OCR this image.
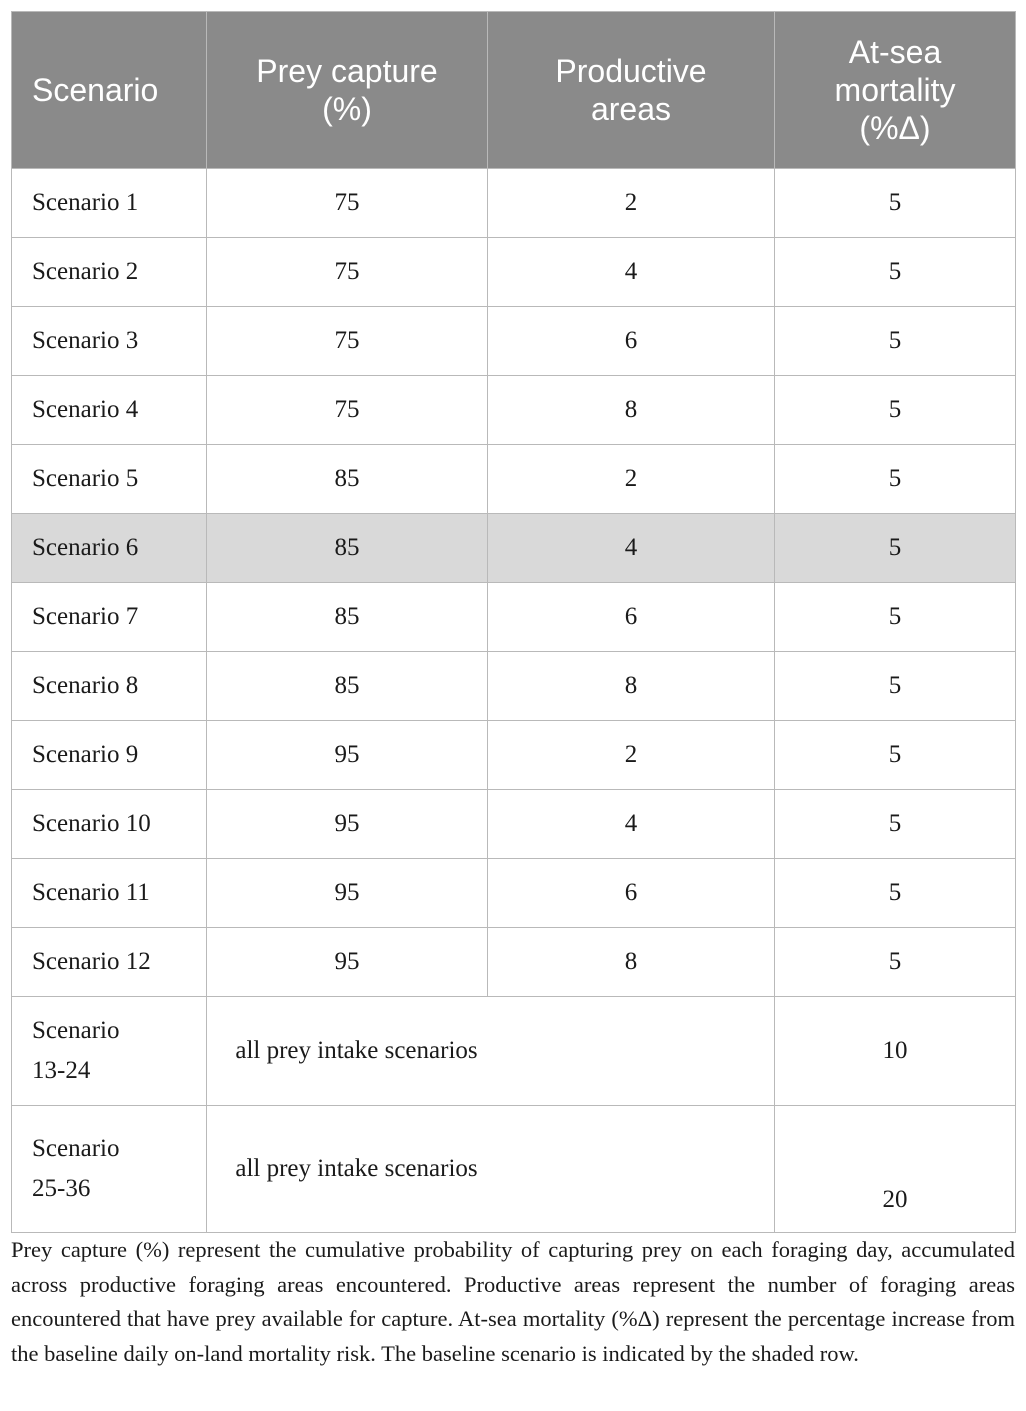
Scenario	Prey capture (%)	Productive areas	At-sea mortality (%Δ)
Scenario 1	75	2	5
Scenario 2	75	4	5
Scenario 3	75	6	5
Scenario 4	75	8	5
Scenario 5	85	2	5
Scenario 6	85	4	5
Scenario 7	85	6	5
Scenario 8	85	8	5
Scenario 9	95	2	5
Scenario 10	95	4	5
Scenario 11	95	6	5
Scenario 12	95	8	5
Scenario 13-24	all prey intake scenarios		10
Scenario 25-36	all prey intake scenarios		20

Prey capture (%) represent the cumulative probability of capturing prey on each foraging day, accumulated across productive foraging areas encountered. Productive areas represent the number of foraging areas encountered that have prey available for capture. At-sea mortality (%Δ) represent the percentage increase from the baseline daily on-land mortality risk. The baseline scenario is indicated by the shaded row.
